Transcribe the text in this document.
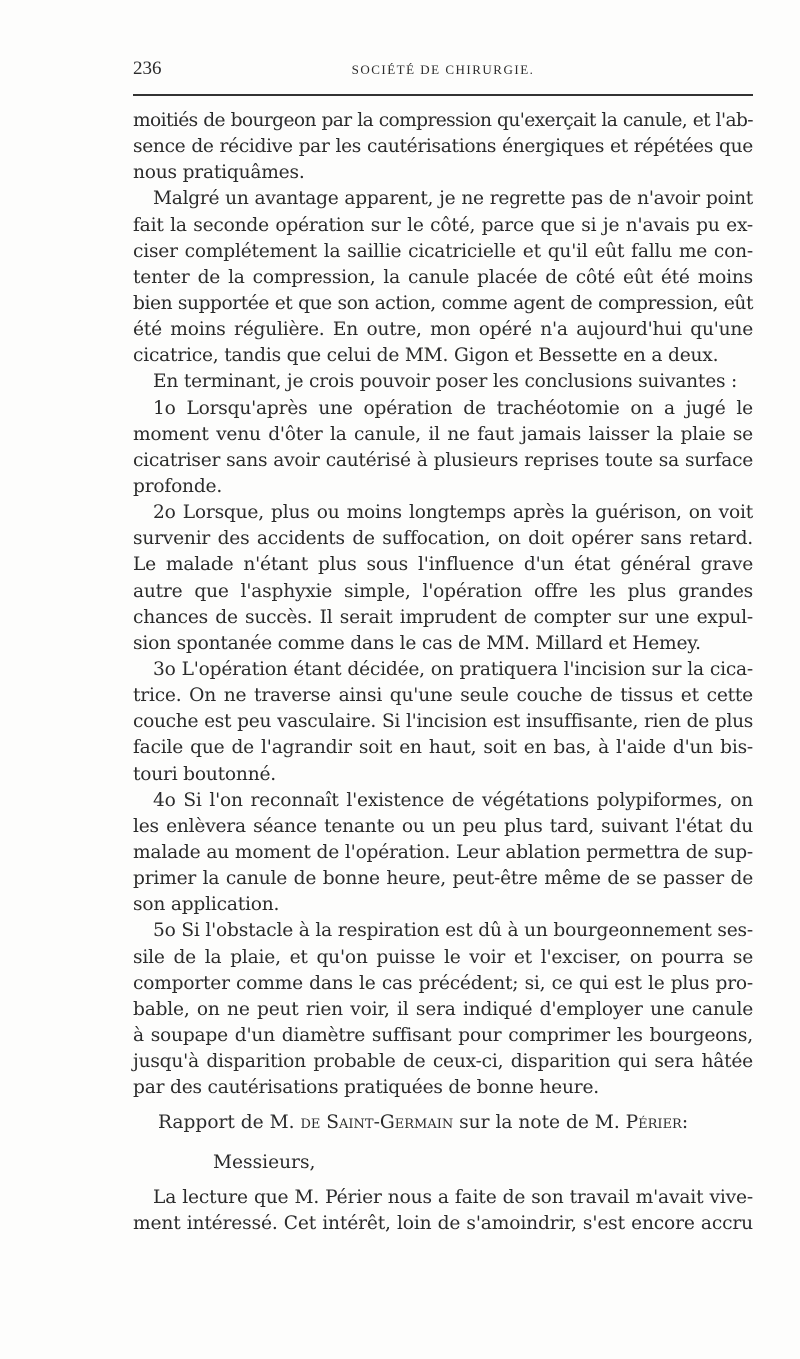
236	SOCIÉTÉ DE CHIRURGIE.
moitiés de bourgeon par la compression qu'exerçait la canule, et l'ab-
sence de récidive par les cautérisations énergiques et répétées que
nous pratiquâmes.
Malgré un avantage apparent, je ne regrette pas de n'avoir point
fait la seconde opération sur le côté, parce que si je n'avais pu ex-
ciser complétement la saillie cicatricielle et qu'il eût fallu me con-
tenter de la compression, la canule placée de côté eût été moins
bien supportée et que son action, comme agent de compression, eût
été moins régulière. En outre, mon opéré n'a aujourd'hui qu'une
cicatrice, tandis que celui de MM. Gigon et Bessette en a deux.
En terminant, je crois pouvoir poser les conclusions suivantes :
1o Lorsqu'après une opération de trachéotomie on a jugé le
moment venu d'ôter la canule, il ne faut jamais laisser la plaie se
cicatriser sans avoir cautérisé à plusieurs reprises toute sa surface
profonde.
2o Lorsque, plus ou moins longtemps après la guérison, on voit
survenir des accidents de suffocation, on doit opérer sans retard.
Le malade n'étant plus sous l'influence d'un état général grave
autre que l'asphyxie simple, l'opération offre les plus grandes
chances de succès. Il serait imprudent de compter sur une expul-
sion spontanée comme dans le cas de MM. Millard et Hemey.
3o L'opération étant décidée, on pratiquera l'incision sur la cica-
trice. On ne traverse ainsi qu'une seule couche de tissus et cette
couche est peu vasculaire. Si l'incision est insuffisante, rien de plus
facile que de l'agrandir soit en haut, soit en bas, à l'aide d'un bis-
touri boutonné.
4o Si l'on reconnaît l'existence de végétations polypiformes, on
les enlèvera séance tenante ou un peu plus tard, suivant l'état du
malade au moment de l'opération. Leur ablation permettra de sup-
primer la canule de bonne heure, peut-être même de se passer de
son application.
5o Si l'obstacle à la respiration est dû à un bourgeonnement ses-
sile de la plaie, et qu'on puisse le voir et l'exciser, on pourra se
comporter comme dans le cas précédent; si, ce qui est le plus pro-
bable, on ne peut rien voir, il sera indiqué d'employer une canule
à soupape d'un diamètre suffisant pour comprimer les bourgeons,
jusqu'à disparition probable de ceux-ci, disparition qui sera hâtée
par des cautérisations pratiquées de bonne heure.
Rapport de M. de Saint-Germain sur la note de M. Périer:
Messieurs,
La lecture que M. Périer nous a faite de son travail m'avait vive-
ment intéressé. Cet intérêt, loin de s'amoindrir, s'est encore accru
